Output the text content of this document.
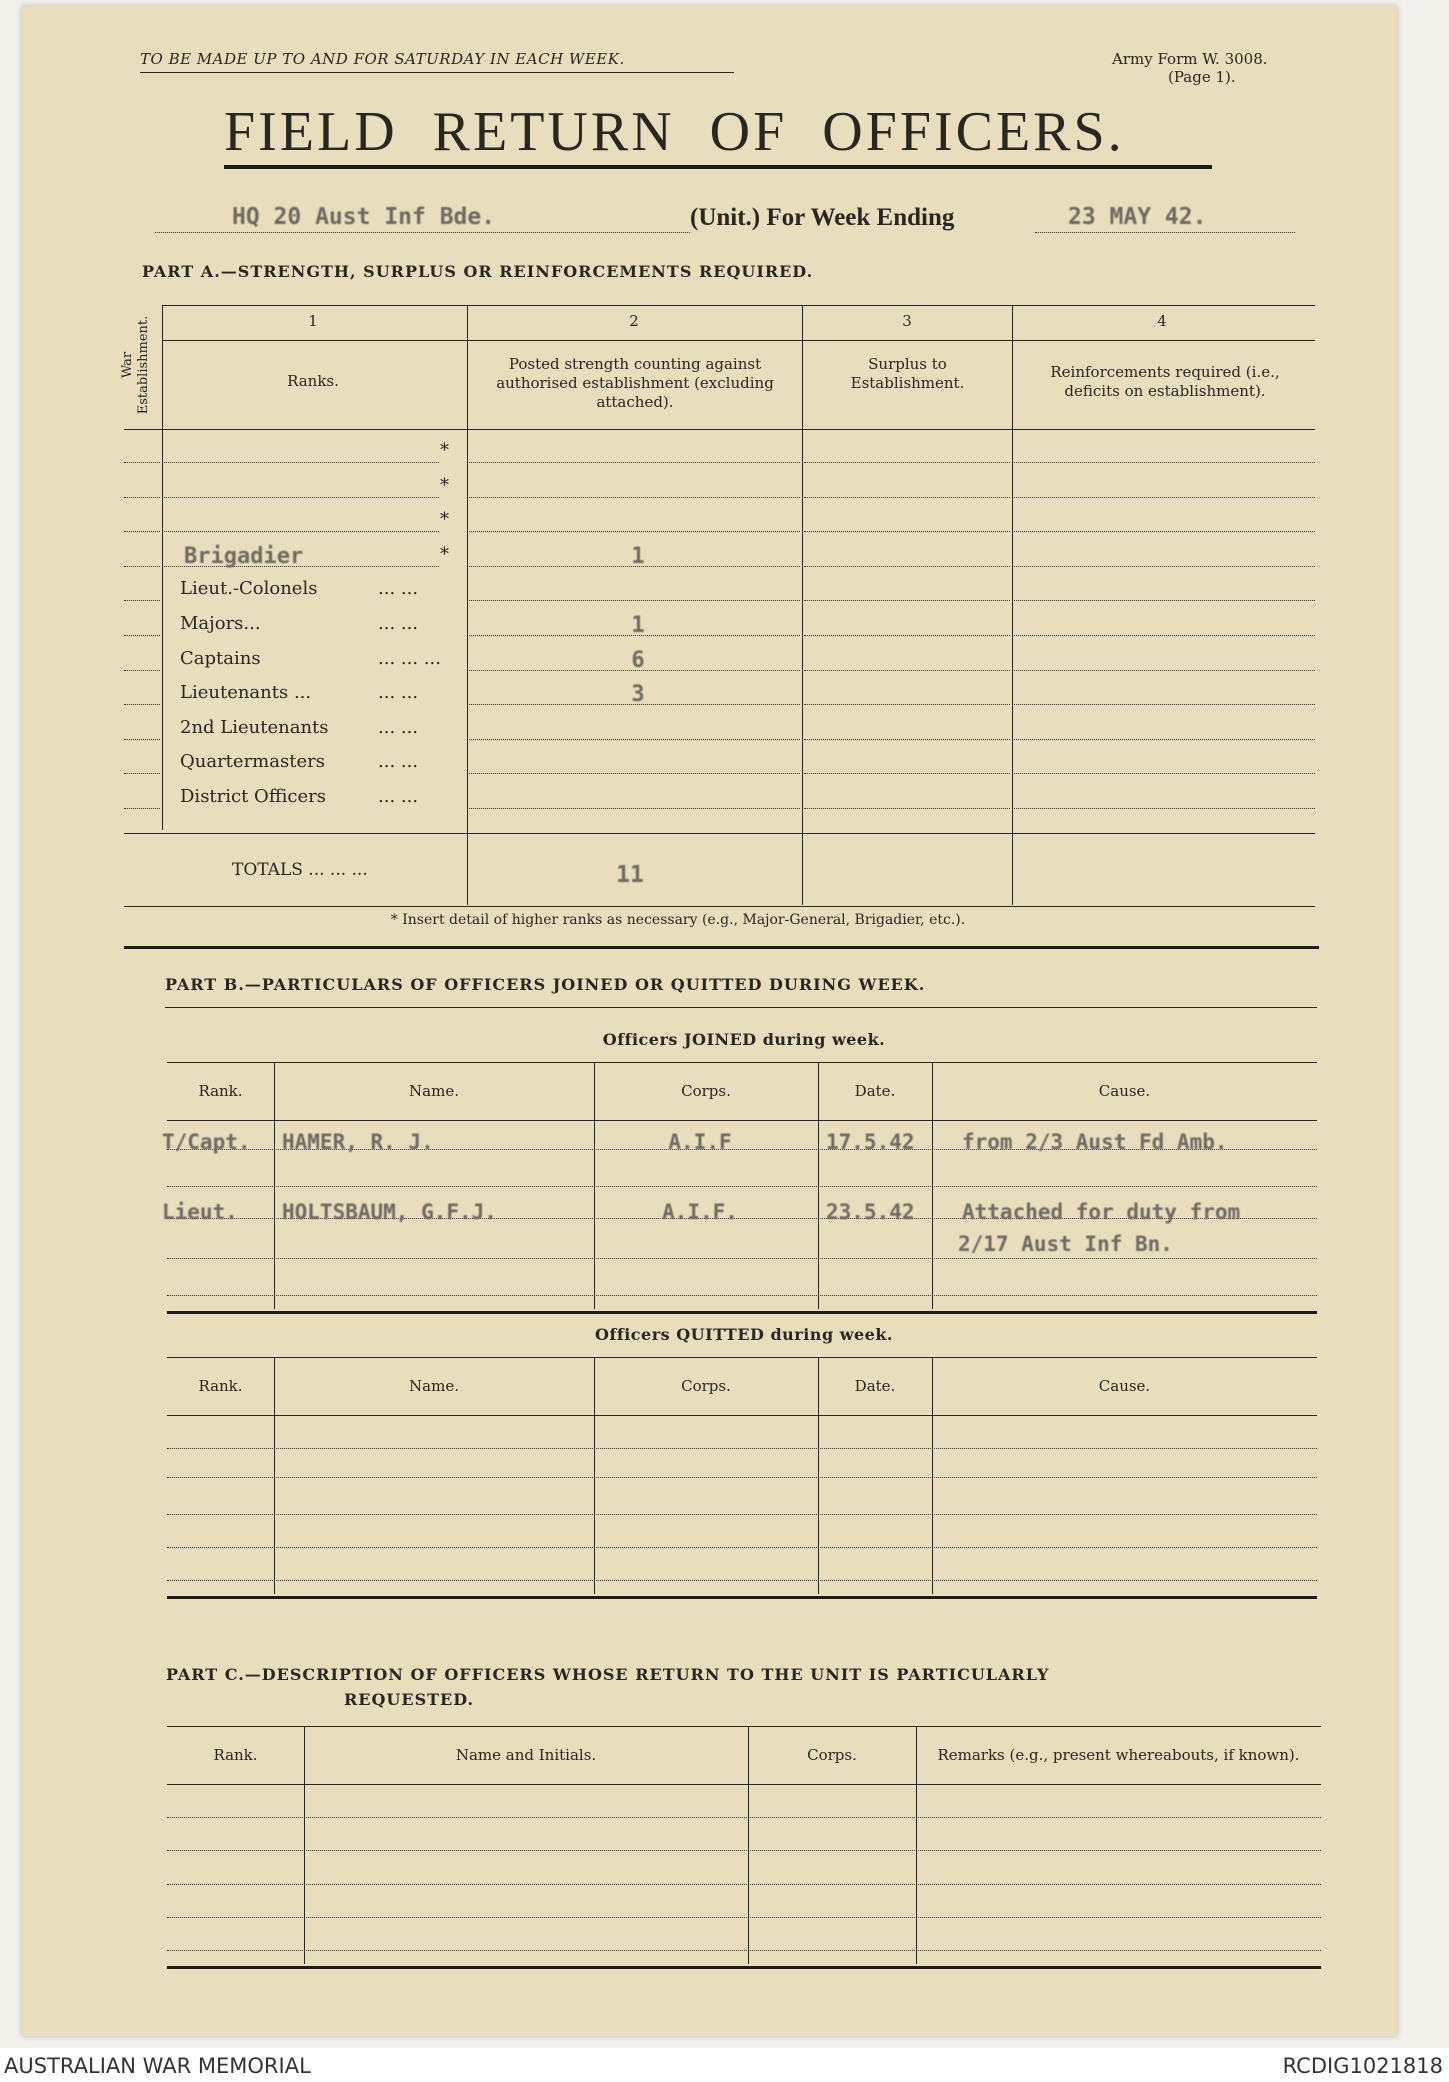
TO BE MADE UP TO AND FOR SATURDAY IN EACH WEEK.	Army Form W. 3008.
(Page 1).
FIELD RETURN OF OFFICERS.
HQ 20 Aust Inf Bde.	(Unit.) For Week Ending	23 MAY 42.
PART A.—STRENGTH, SURPLUS OR REINFORCEMENTS REQUIRED.
War Establishment.	1	2	3	4
Ranks.
Posted strength counting against authorised establishment (excluding attached).
Surplus to Establishment.
Reinforcements required (i.e., deficits on establishment).
*
*
*
Brigadier	*	1
Lieut.-Colonels	... ...
Majors...	... ...	1
Captains	... ... ...	6
Lieutenants ...	... ...	3
2nd Lieutenants	... ...
Quartermasters	... ...
District Officers	... ...
TOTALS ... ... ...	11
* Insert detail of higher ranks as necessary (e.g., Major-General, Brigadier, etc.).
PART B.—PARTICULARS OF OFFICERS JOINED OR QUITTED DURING WEEK.
Officers JOINED during week.
Rank.	Name.	Corps.	Date.	Cause.
T/Capt. HAMER, R. J.	A.I.F	17.5.42 from 2/3 Aust Fd Amb.
Lieut. HOLTSBAUM, G.F.J.	A.I.F.	23.5.42 Attached for duty from
2/17 Aust Inf Bn.
Officers QUITTED during week.
Rank.	Name.	Corps.	Date.	Cause.
PART C.—DESCRIPTION OF OFFICERS WHOSE RETURN TO THE UNIT IS PARTICULARLY
REQUESTED.
Rank.	Name and Initials.	Corps.	Remarks (e.g., present whereabouts, if known).
AUSTRALIAN WAR MEMORIAL	RCDIG1021818
